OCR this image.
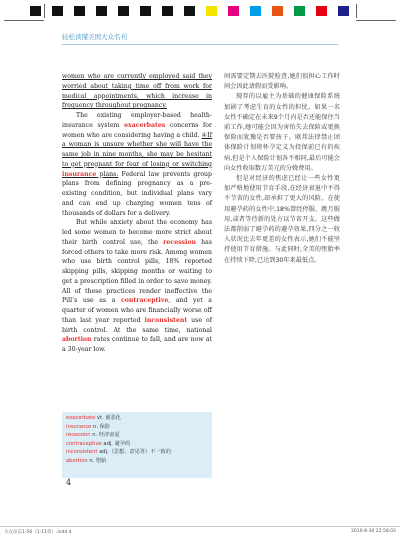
轻松读懂美国大众名刊

women who are currently employed said they worried about taking time off from work for medical appointments, which increase in frequency throughout pregnancy.

The existing employer-based health-insurance system exacerbates concerns for women who are considering having a child. ④If a woman is unsure whether she will have the same job in nine months, she may be hesitant to get pregnant for fear of losing or switching insurance plans. Federal law prevents group plans from defining pregnancy as a pre-existing condition, but individual plans vary and can end up charging women tens of thousands of dollars for a delivery.

But while anxiety about the economy has led some women to become more strict about their birth control use, the recession has forced others to take more risk. Among women who use birth control pills, 18% reported skipping pills, skipping months or waiting to get a prescription filled in order to save money. All of these practices render ineffective the Pill’s use as a contraceptive, and yet a quarter of women who are financially worse off than last year reported inconsistent use of birth control. At the same time, national abortion rates continue to fall, and are now at a 30-year low.

间需要定期去医院检查,她们很担心工作时间会因此请假而受影响。

现存的以雇主为基础的健康保险系统加剧了考虑生育的女性的担忧。如果一名女性不确定在未来9个月内是否还能保住当前工作,她可能会因为害怕失去保险或更换保险而犹豫是否要孩子。联邦法律禁止团体保险计划将怀孕定义为投保前已有的疾病,但是个人保险计划各不相同,最后可能会向女性收取数万美元的分娩费用。

但是对经济的焦虑已经让一些女性更加严格地使用节育手段,在经济衰退中不得不节省的女性,却承担了更大的风险。在使用避孕药的女性中,18%曾经停服、跳月服用,或者等待新的处方以节省开支。这些做法都削弱了避孕药的避孕效果,四分之一收入状况比去年更差的女性表示,她们不能坚持使用节育措施。与此同时,全美的堕胎率在持续下降,已达到30年来最低点。

exacerbate vt. 使恶化
insurance n. 保险
recession n. 经济衰退
contraceptive adj. 避孕的
inconsistent adj.（思想、意见等）不一致的
abortion n. 堕胎
4
大众杂志1-56（1-11章）.indd 4	2010-8-30 22:58:02
